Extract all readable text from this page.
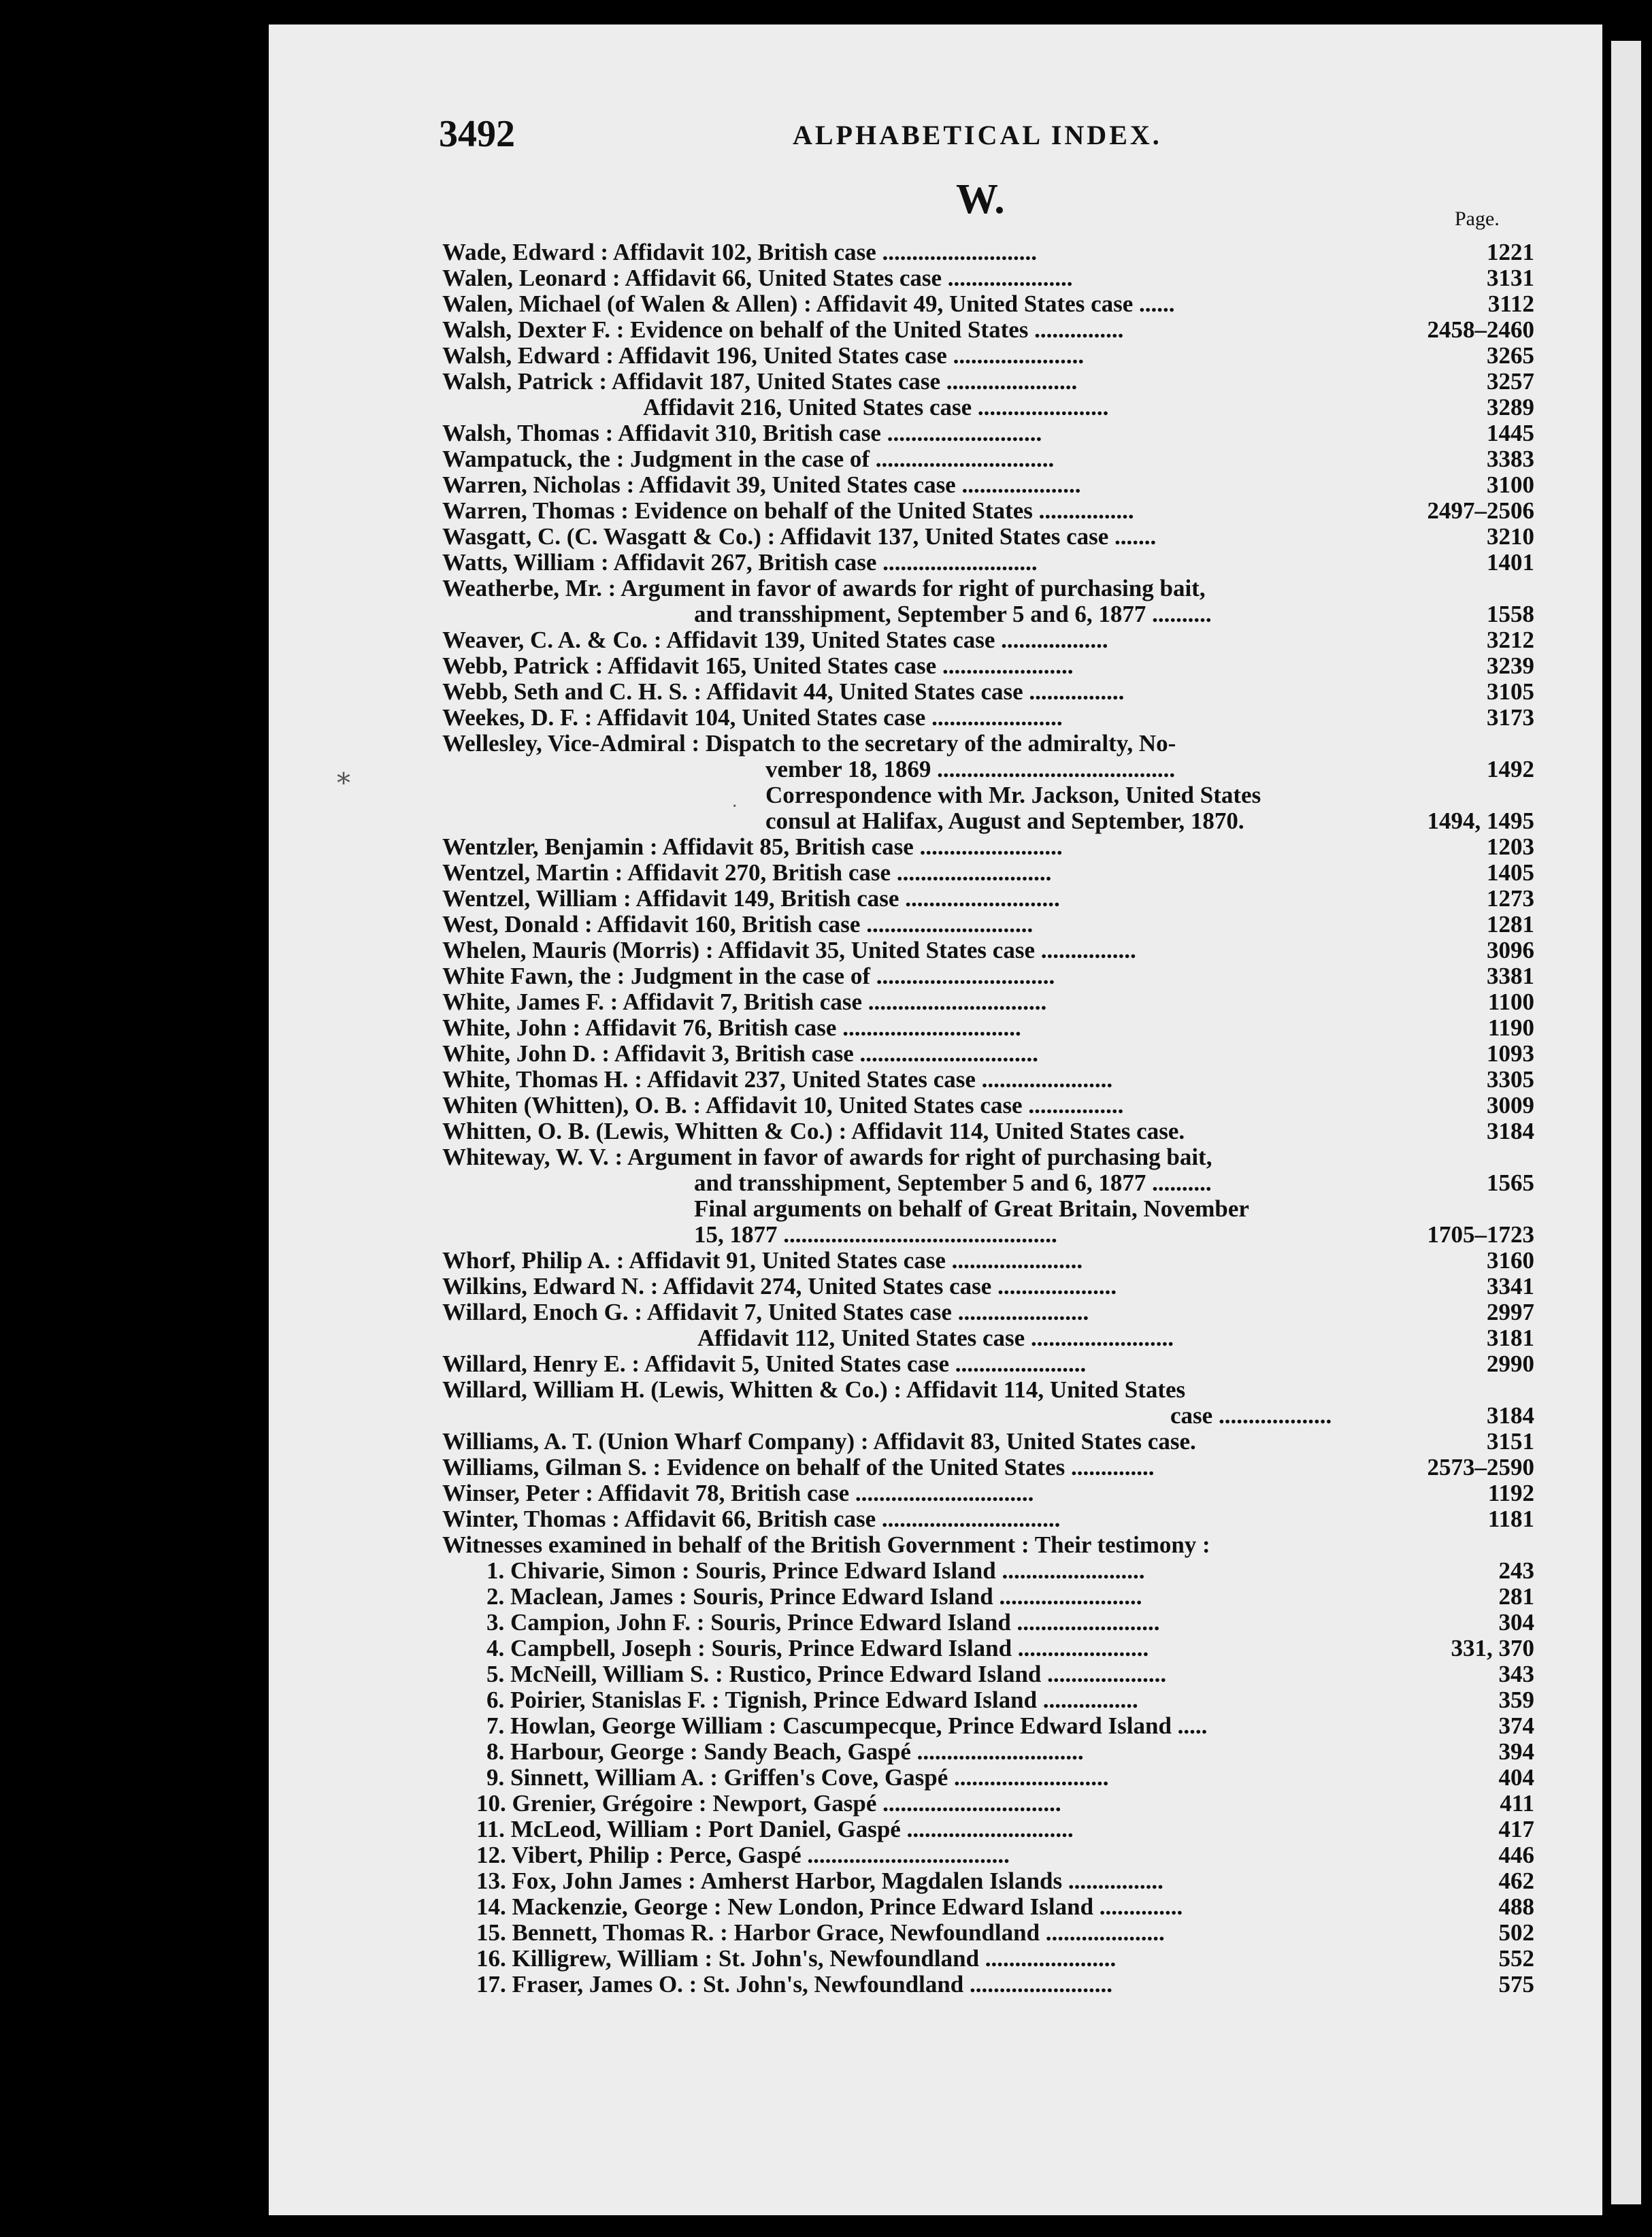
3492	ALPHABETICAL INDEX.
W.	Page.
Wade, Edward : Affidavit 102, British case ..........................	1221
Walen, Leonard : Affidavit 66, United States case .....................	3131
Walen, Michael (of Walen & Allen) : Affidavit 49, United States case ......	3112
Walsh, Dexter F. : Evidence on behalf of the United States ...............	2458–2460
Walsh, Edward : Affidavit 196, United States case ......................	3265
Walsh, Patrick : Affidavit 187, United States case ......................	3257
Affidavit 216, United States case ......................	3289
Walsh, Thomas : Affidavit 310, British case ..........................	1445
Wampatuck, the : Judgment in the case of ..............................	3383
Warren, Nicholas : Affidavit 39, United States case ....................	3100
Warren, Thomas : Evidence on behalf of the United States ................	2497–2506
Wasgatt, C. (C. Wasgatt & Co.) : Affidavit 137, United States case .......	3210
Watts, William : Affidavit 267, British case ..........................	1401
Weatherbe, Mr. : Argument in favor of awards for right of purchasing bait,
and transshipment, September 5 and 6, 1877 ..........	1558
Weaver, C. A. & Co. : Affidavit 139, United States case ..................	3212
Webb, Patrick : Affidavit 165, United States case ......................	3239
Webb, Seth and C. H. S. : Affidavit 44, United States case ................	3105
Weekes, D. F. : Affidavit 104, United States case ......................	3173
Wellesley, Vice-Admiral : Dispatch to the secretary of the admiralty, No-
vember 18, 1869 ........................................	1492
Correspondence with Mr. Jackson, United States
consul at Halifax, August and September, 1870.	1494, 1495
Wentzler, Benjamin : Affidavit 85, British case ........................	1203
Wentzel, Martin : Affidavit 270, British case ..........................	1405
Wentzel, William : Affidavit 149, British case ..........................	1273
West, Donald : Affidavit 160, British case ............................	1281
Whelen, Mauris (Morris) : Affidavit 35, United States case ................	3096
White Fawn, the : Judgment in the case of ..............................	3381
White, James F. : Affidavit 7, British case ..............................	1100
White, John : Affidavit 76, British case ..............................	1190
White, John D. : Affidavit 3, British case ..............................	1093
White, Thomas H. : Affidavit 237, United States case ......................	3305
Whiten (Whitten), O. B. : Affidavit 10, United States case ................	3009
Whitten, O. B. (Lewis, Whitten & Co.) : Affidavit 114, United States case.	3184
Whiteway, W. V. : Argument in favor of awards for right of purchasing bait,
and transshipment, September 5 and 6, 1877 ..........	1565
Final arguments on behalf of Great Britain, November
15, 1877 ..............................................	1705–1723
Whorf, Philip A. : Affidavit 91, United States case ......................	3160
Wilkins, Edward N. : Affidavit 274, United States case ....................	3341
Willard, Enoch G. : Affidavit 7, United States case ......................	2997
Affidavit 112, United States case ........................	3181
Willard, Henry E. : Affidavit 5, United States case ......................	2990
Willard, William H. (Lewis, Whitten & Co.) : Affidavit 114, United States
case ...................	3184
Williams, A. T. (Union Wharf Company) : Affidavit 83, United States case.	3151
Williams, Gilman S. : Evidence on behalf of the United States ..............	2573–2590
Winser, Peter : Affidavit 78, British case ..............................	1192
Winter, Thomas : Affidavit 66, British case ..............................	1181
Witnesses examined in behalf of the British Government : Their testimony :
1. Chivarie, Simon : Souris, Prince Edward Island ........................	243
2. Maclean, James : Souris, Prince Edward Island ........................	281
3. Campion, John F. : Souris, Prince Edward Island ........................	304
4. Campbell, Joseph : Souris, Prince Edward Island ......................	331, 370
5. McNeill, William S. : Rustico, Prince Edward Island ....................	343
6. Poirier, Stanislas F. : Tignish, Prince Edward Island ................	359
7. Howlan, George William : Cascumpecque, Prince Edward Island .....	374
8. Harbour, George : Sandy Beach, Gaspé ............................	394
9. Sinnett, William A. : Griffen's Cove, Gaspé ..........................	404
10. Grenier, Grégoire : Newport, Gaspé ..............................	411
11. McLeod, William : Port Daniel, Gaspé ............................	417
12. Vibert, Philip : Perce, Gaspé ..................................	446
13. Fox, John James : Amherst Harbor, Magdalen Islands ................	462
14. Mackenzie, George : New London, Prince Edward Island ..............	488
15. Bennett, Thomas R. : Harbor Grace, Newfoundland ....................	502
16. Killigrew, William : St. John's, Newfoundland ......................	552
17. Fraser, James O. : St. John's, Newfoundland ........................	575
⁎
·
